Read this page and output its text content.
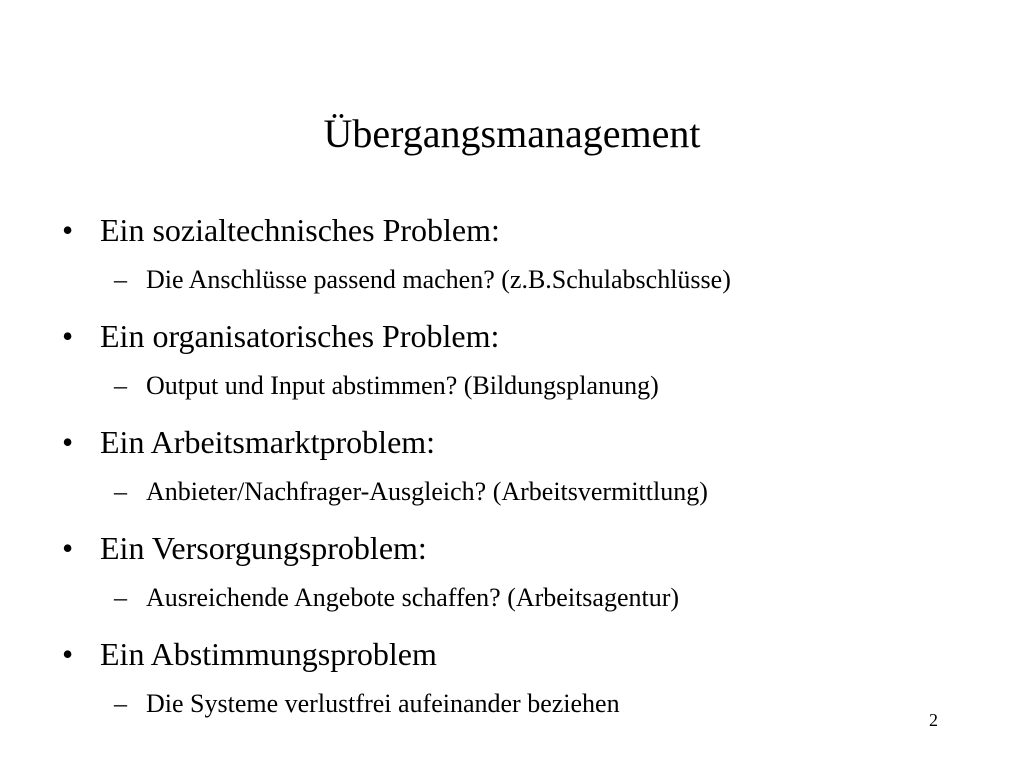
Übergangsmanagement
• Ein sozialtechnisches Problem:
– Die Anschlüsse passend machen? (z.B.Schulabschlüsse)
• Ein organisatorisches Problem:
– Output und Input abstimmen? (Bildungsplanung)
• Ein Arbeitsmarktproblem:
– Anbieter/Nachfrager-Ausgleich? (Arbeitsvermittlung)
• Ein Versorgungsproblem:
– Ausreichende Angebote schaffen? (Arbeitsagentur)
• Ein Abstimmungsproblem
– Die Systeme verlustfrei aufeinander beziehen
2
